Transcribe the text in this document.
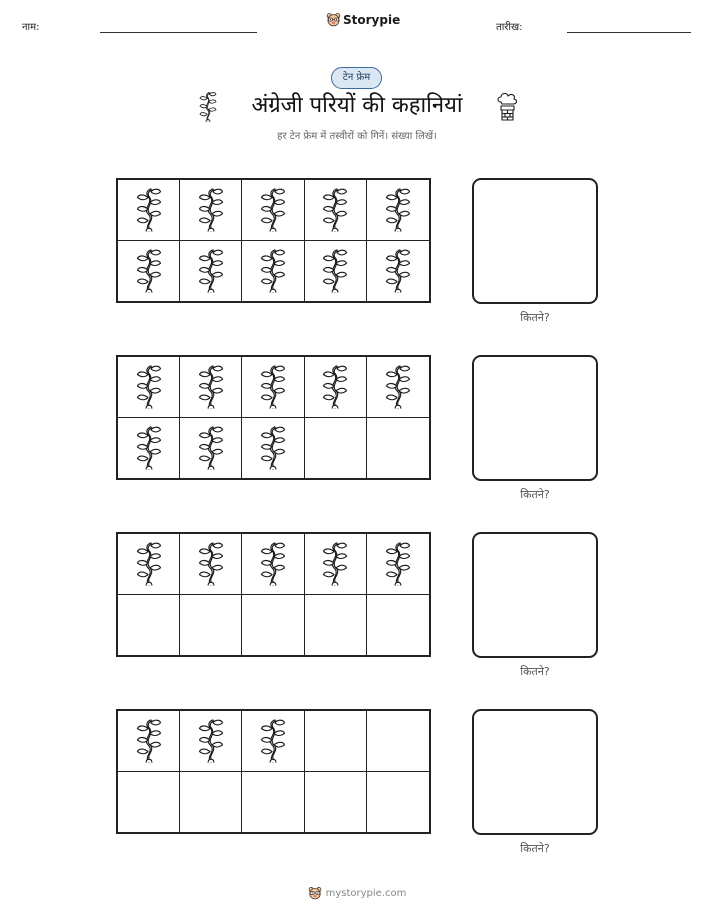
नाम:
Storypie
तारीख:
टेन फ्रेम
अंग्रेजी परियों की कहानियां
हर टेन फ्रेम में तस्वीरों को गिनें। संख्या लिखें।
कितने?
कितने?
कितने?
कितने?
mystorypie.com
